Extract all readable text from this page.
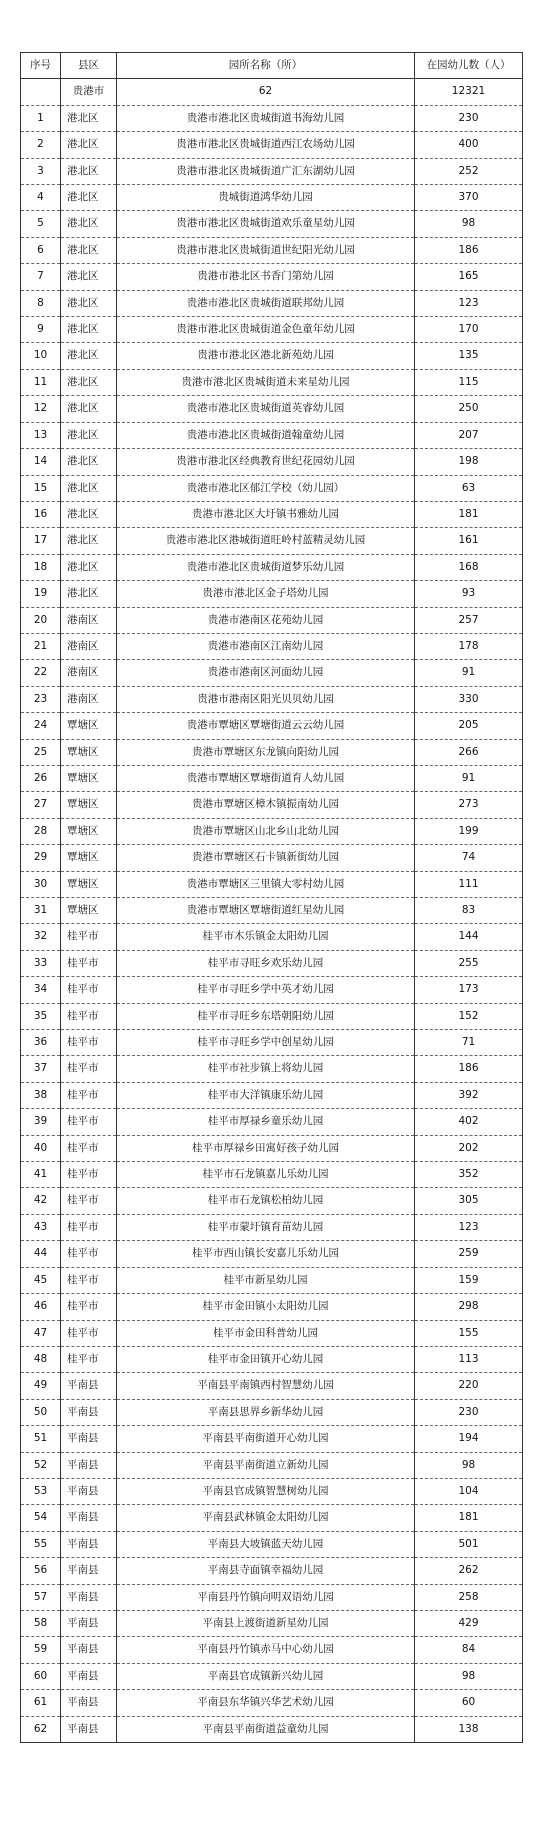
序号	县区	园所名称（所）	在园幼儿数（人）
	贵港市	62	12321
1	港北区	贵港市港北区贵城街道书海幼儿园	230
2	港北区	贵港市港北区贵城街道西江农场幼儿园	400
3	港北区	贵港市港北区贵城街道广汇东湖幼儿园	252
4	港北区	贵城街道鸿华幼儿园	370
5	港北区	贵港市港北区贵城街道欢乐童星幼儿园	98
6	港北区	贵港市港北区贵城街道世纪阳光幼儿园	186
7	港北区	贵港市港北区书香门第幼儿园	165
8	港北区	贵港市港北区贵城街道联邦幼儿园	123
9	港北区	贵港市港北区贵城街道金色童年幼儿园	170
10	港北区	贵港市港北区港北新苑幼儿园	135
11	港北区	贵港市港北区贵城街道未来星幼儿园	115
12	港北区	贵港市港北区贵城街道英睿幼儿园	250
13	港北区	贵港市港北区贵城街道翰童幼儿园	207
14	港北区	贵港市港北区经典教育世纪花园幼儿园	198
15	港北区	贵港市港北区郁江学校（幼儿园）	63
16	港北区	贵港市港北区大圩镇书雅幼儿园	181
17	港北区	贵港市港北区港城街道旺岭村蓝精灵幼儿园	161
18	港北区	贵港市港北区贵城街道梦乐幼儿园	168
19	港北区	贵港市港北区金子塔幼儿园	93
20	港南区	贵港市港南区花苑幼儿园	257
21	港南区	贵港市港南区江南幼儿园	178
22	港南区	贵港市港南区河面幼儿园	91
23	港南区	贵港市港南区阳光贝贝幼儿园	330
24	覃塘区	贵港市覃塘区覃塘街道云云幼儿园	205
25	覃塘区	贵港市覃塘区东龙镇向阳幼儿园	266
26	覃塘区	贵港市覃塘区覃塘街道育人幼儿园	91
27	覃塘区	贵港市覃塘区樟木镇振南幼儿园	273
28	覃塘区	贵港市覃塘区山北乡山北幼儿园	199
29	覃塘区	贵港市覃塘区石卡镇新街幼儿园	74
30	覃塘区	贵港市覃塘区三里镇大零村幼儿园	111
31	覃塘区	贵港市覃塘区覃塘街道红星幼儿园	83
32	桂平市	桂平市木乐镇金太阳幼儿园	144
33	桂平市	桂平市寻旺乡欢乐幼儿园	255
34	桂平市	桂平市寻旺乡学中英才幼儿园	173
35	桂平市	桂平市寻旺乡东塔朝阳幼儿园	152
36	桂平市	桂平市寻旺乡学中创星幼儿园	71
37	桂平市	桂平市社步镇上将幼儿园	186
38	桂平市	桂平市大洋镇康乐幼儿园	392
39	桂平市	桂平市厚禄乡童乐幼儿园	402
40	桂平市	桂平市厚禄乡田寓好孩子幼儿园	202
41	桂平市	桂平市石龙镇嘉儿乐幼儿园	352
42	桂平市	桂平市石龙镇松柏幼儿园	305
43	桂平市	桂平市蒙圩镇育苗幼儿园	123
44	桂平市	桂平市西山镇长安嘉儿乐幼儿园	259
45	桂平市	桂平市新星幼儿园	159
46	桂平市	桂平市金田镇小太阳幼儿园	298
47	桂平市	桂平市金田科普幼儿园	155
48	桂平市	桂平市金田镇开心幼儿园	113
49	平南县	平南县平南镇西村智慧幼儿园	220
50	平南县	平南县思界乡新华幼儿园	230
51	平南县	平南县平南街道开心幼儿园	194
52	平南县	平南县平南街道立新幼儿园	98
53	平南县	平南县官成镇智慧树幼儿园	104
54	平南县	平南县武林镇金太阳幼儿园	181
55	平南县	平南县大坡镇蓝天幼儿园	501
56	平南县	平南县寺面镇幸福幼儿园	262
57	平南县	平南县丹竹镇向明双语幼儿园	258
58	平南县	平南县上渡街道新星幼儿园	429
59	平南县	平南县丹竹镇赤马中心幼儿园	84
60	平南县	平南县官成镇新兴幼儿园	98
61	平南县	平南县东华镇兴华艺术幼儿园	60
62	平南县	平南县平南街道益童幼儿园	138
